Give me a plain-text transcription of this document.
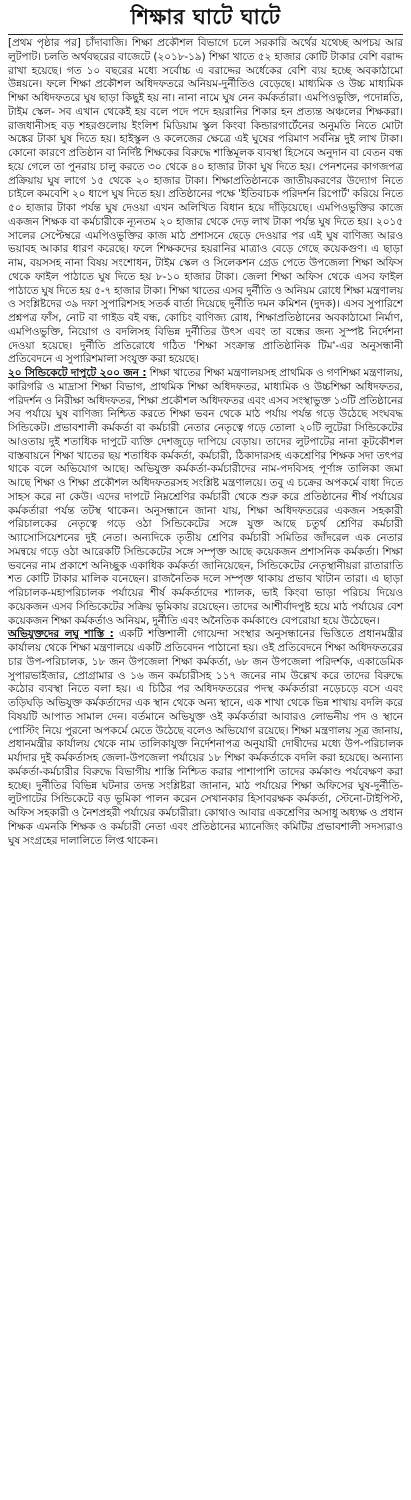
শিক্ষার ঘাটে ঘাটে

[প্রথম পৃষ্ঠার পর] চাঁদাবাজি। শিক্ষা প্রকৌশল বিভাগে চলে সরকারি অর্থের যথেচ্ছ অপচয় আর লুটপাট। চলতি অর্থবছরের বাজেটে (২০১৮-১৯) শিক্ষা খাতে ৫২ হাজার কোটি টাকার বেশি বরাদ্দ রাখা হয়েছে। গত ১০ বছরের মধ্যে সর্বোচ্চ এ বরাদ্দের অর্ধেকের বেশি ব্যয় হচ্ছে অবকাঠামো উন্নয়নে। ফলে শিক্ষা প্রকৌশল অধিদফতরে অনিয়ম-দুর্নীতিও বেড়েছে। মাধ্যমিক ও উচ্চ মাধ্যমিক শিক্ষা অধিদফতরে ঘুষ ছাড়া কিছুই হয় না। নানা নামে ঘুষ নেন কর্মকর্তারা। এমপিওভুক্তি, পদোন্নতি, টাইম স্কেল- সব এখান থেকেই হয় বলে পদে পদে হয়রানির শিকার হন প্রত্যন্ত অঞ্চলের শিক্ষকরা। রাজধানীসহ বড় শহরগুলোয় ইংলিশ মিডিয়াম স্কুল কিংবা কিন্ডারগার্টেনের অনুমতি নিতে মোটা অঙ্কের টাকা ঘুষ দিতে হয়। হাইস্কুল ও কলেজের ক্ষেত্রে এই ঘুষের পরিমাণ সর্বনিম্ন দুই লাখ টাকা। কোনো কারণে প্রতিষ্ঠান বা নির্দিষ্ট শিক্ষকের বিরুদ্ধে শাস্তিমূলক ব্যবস্থা হিসেবে অনুদান বা বেতন বন্ধ হয়ে গেলে তা পুনরায় চালু করতে ৩০ থেকে ৪০ হাজার টাকা ঘুষ দিতে হয়। পেনশনের কাগজপত্র প্রক্রিয়ায় ঘুষ লাগে ১৫ থেকে ২০ হাজার টাকা। শিক্ষাপ্রতিষ্ঠানকে জাতীয়করণের উদ্যোগ নিতে চাইলে কমবেশি ২০ ধাপে ঘুষ দিতে হয়। প্রতিষ্ঠানের পক্ষে 'ইতিবাচক পরিদর্শন রিপোর্ট' করিয়ে নিতে ৫০ হাজার টাকা পর্যন্ত ঘুষ দেওয়া এখন অলিখিত বিধান হয়ে দাঁড়িয়েছে। এমপিওভুক্তির কাজে একজন শিক্ষক বা কর্মচারীকে ন্যূনতম ২০ হাজার থেকে দেড় লাখ টাকা পর্যন্ত ঘুষ দিতে হয়। ২০১৫ সালের সেপ্টেম্বরে এমপিওভুক্তির কাজ মাঠ প্রশাসনে ছেড়ে দেওয়ার পর এই ঘুষ বাণিজ্য আরও ভয়াবহ আকার ধারণ করেছে। ফলে শিক্ষকদের হয়রানির মাত্রাও বেড়ে গেছে কয়েকগুণ। এ ছাড়া নাম, বয়সসহ নানা বিষয় সংশোধন, টাইম স্কেল ও সিলেকশন গ্রেড পেতে উপজেলা শিক্ষা অফিস থেকে ফাইল পাঠাতে ঘুষ দিতে হয় ৮-১০ হাজার টাকা। জেলা শিক্ষা অফিস থেকে এসব ফাইল পাঠাতে ঘুষ দিতে হয় ৫-৭ হাজার টাকা। শিক্ষা খাতের এসব দুর্নীতি ও অনিয়ম রোধে শিক্ষা মন্ত্রণালয় ও সংশ্লিষ্টদের ৩৯ দফা সুপারিশসহ সতর্ক বার্তা দিয়েছে দুর্নীতি দমন কমিশন (দুদক)। এসব সুপারিশে প্রশ্নপত্র ফাঁস, নোট বা গাইড বই বন্ধ, কোচিং বাণিজ্য রোধ, শিক্ষাপ্রতিষ্ঠানের অবকাঠামো নির্মাণ, এমপিওভুক্তি, নিয়োগ ও বদলিসহ বিভিন্ন দুর্নীতির উৎস এবং তা বন্ধের জন্য সুস্পষ্ট নির্দেশনা দেওয়া হয়েছে। দুর্নীতি প্রতিরোধে গঠিত 'শিক্ষা সংক্রান্ত প্রাতিষ্ঠানিক টিম'-এর অনুসন্ধানী প্রতিবেদনে এ সুপারিশমালা সংযুক্ত করা হয়েছে।

২০ সিন্ডিকেটে দাপুটে ২০০ জন : শিক্ষা খাতের শিক্ষা মন্ত্রণালয়সহ প্রাথমিক ও গণশিক্ষা মন্ত্রণালয়, কারিগরি ও মাদ্রাসা শিক্ষা বিভাগ, প্রাথমিক শিক্ষা অধিদফতর, মাধ্যমিক ও উচ্চশিক্ষা অধিদফতর, পরিদর্শন ও নিরীক্ষা অধিদফতর, শিক্ষা প্রকৌশল অধিদফতর এবং এসব সংস্থাভুক্ত ১৩টি প্রতিষ্ঠানের সব পর্যায়ে ঘুষ বাণিজ্য নিশ্চিত করতে শিক্ষা ভবন থেকে মাঠ পর্যায় পর্যন্ত গড়ে উঠেছে সংঘবদ্ধ সিন্ডিকেট। প্রভাবশালী কর্মকর্তা বা কর্মচারী নেতার নেতৃত্বে গড়ে তোলা ২০টি লুটেরা সিন্ডিকেটের আওতায় দুই শতাধিক দাপুটে ব্যক্তি দেশজুড়ে দাপিয়ে বেড়ায়। তাদের লুটপাটের নানা কূটকৌশল বাস্তবায়নে শিক্ষা খাতের ছয় শতাধিক কর্মকর্তা, কর্মচারী, ঠিকাদারসহ একশ্রেণির শিক্ষক সদা তৎপর থাকে বলে অভিযোগ আছে। অভিযুক্ত কর্মকর্তা-কর্মচারীদের নাম-পদবিসহ পূর্ণাঙ্গ তালিকা জমা আছে শিক্ষা ও শিক্ষা প্রকৌশল অধিদফতরসহ সংশ্লিষ্ট মন্ত্রণালয়ে। তবু এ চক্রের অপকর্মে বাধা দিতে সাহস করে না কেউ। এদের দাপটে নিম্নশ্রেণির কর্মচারী থেকে শুরু করে প্রতিষ্ঠানের শীর্ষ পর্যায়ের কর্মকর্তারা পর্যন্ত তটস্থ থাকেন। অনুসন্ধানে জানা যায়, শিক্ষা অধিদফতরের একজন সহকারী পরিচালকের নেতৃত্বে গড়ে ওঠা সিন্ডিকেটের সঙ্গে যুক্ত আছে চতুর্থ শ্রেণির কর্মচারী অ্যাসোসিয়েশনের দুই নেতা। অন্যদিকে তৃতীয় শ্রেণির কর্মচারী সমিতির জাঁদরেল এক নেতার সমন্বয়ে গড়ে ওঠা আরেকটি সিন্ডিকেটের সঙ্গে সম্পৃক্ত আছে কয়েকজন প্রশাসনিক কর্মকর্তা। শিক্ষা ভবনের নাম প্রকাশে অনিচ্ছুক একাধিক কর্মকর্তা জানিয়েছেন, সিন্ডিকেটের নেতৃস্থানীয়রা রাতারাতি শত কোটি টাকার মালিক বনেছেন। রাজনৈতিক দলে সম্পৃক্ত থাকায় প্রভাব খাটান তারা। এ ছাড়া পরিচালক-মহাপরিচালক পর্যায়ের শীর্ষ কর্মকর্তাদের শ্যালক, ভাই কিংবা ভাড়া পরিচয় দিয়েও কয়েকজন এসব সিন্ডিকেটের সক্রিয় ভূমিকায় রয়েছেন। তাদের আশীর্বাদপুষ্ট হয়ে মাঠ পর্যায়ের বেশ কয়েকজন শিক্ষা কর্মকর্তাও অনিয়ম, দুর্নীতি এবং অনৈতিক কর্মকাণ্ডে বেপরোয়া হয়ে উঠেছেন।

অভিযুক্তদের লঘু শাস্তি : একটি শক্তিশালী গোয়েন্দা সংস্থার অনুসন্ধানের ভিত্তিতে প্রধানমন্ত্রীর কার্যালয় থেকে শিক্ষা মন্ত্রণালয়ে একটি প্রতিবেদন পাঠানো হয়। ওই প্রতিবেদনে শিক্ষা অধিদফতরের চার উপ-পরিচালক, ১৮ জন উপজেলা শিক্ষা কর্মকর্তা, ৬৮ জন উপজেলা পরিদর্শক, একাডেমিক সুপারভাইজার, প্রোগ্রামার ও ১৬ জন কর্মচারীসহ ১১৭ জনের নাম উল্লেখ করে তাদের বিরুদ্ধে কঠোর ব্যবস্থা নিতে বলা হয়। এ চিঠির পর অধিদফতরের পদস্থ কর্মকর্তারা নড়েচড়ে বসে এবং তড়িঘড়ি অভিযুক্ত কর্মকর্তাদের এক স্থান থেকে অন্য স্থানে, এক শাখা থেকে ভিন্ন শাখায় বদলি করে বিষয়টি আপাত সামাল দেন। বর্তমানে অভিযুক্ত ওই কর্মকর্তারা আবারও লোভনীয় পদ ও স্থানে পোস্টিং নিয়ে পুরনো অপকর্মে মেতে উঠেছে বলেও অভিযোগ রয়েছে। শিক্ষা মন্ত্রণালয় সূত্র জানায়, প্রধানমন্ত্রীর কার্যালয় থেকে নাম তালিকাযুক্ত নির্দেশনাপত্র অনুযায়ী দোষীদের মধ্যে উপ-পরিচালক মর্যাদার দুই কর্মকর্তাসহ জেলা-উপজেলা পর্যায়ের ১৮ শিক্ষা কর্মকর্তাকে বদলি করা হয়েছে। অন্যান্য কর্মকর্তা-কর্মচারীর বিরুদ্ধে বিভাগীয় শাস্তি নিশ্চিত করার পাশাপাশি তাদের কর্মকাণ্ড পর্যবেক্ষণ করা হচ্ছে। দুর্নীতির বিভিন্ন ঘটনার তদন্ত সংশ্লিষ্টরা জানান, মাঠ পর্যায়ের শিক্ষা অফিসের ঘুষ-দুর্নীতি-লুটপাটের সিন্ডিকেটে বড় ভূমিকা পালন করেন সেখানকার হিসাবরক্ষক কর্মকর্তা, স্টেনো-টাইপিস্ট, অফিস সহকারী ও নৈশপ্রহরী পর্যায়ের কর্মচারীরা। কোথাও আবার একশ্রেণির অসাধু অধ্যক্ষ ও প্রধান শিক্ষক এমনকি শিক্ষক ও কর্মচারী নেতা এবং প্রতিষ্ঠানের ম্যানেজিং কমিটির প্রভাবশালী সদস্যরাও ঘুষ সংগ্রহের দালালিতে লিপ্ত থাকেন।
